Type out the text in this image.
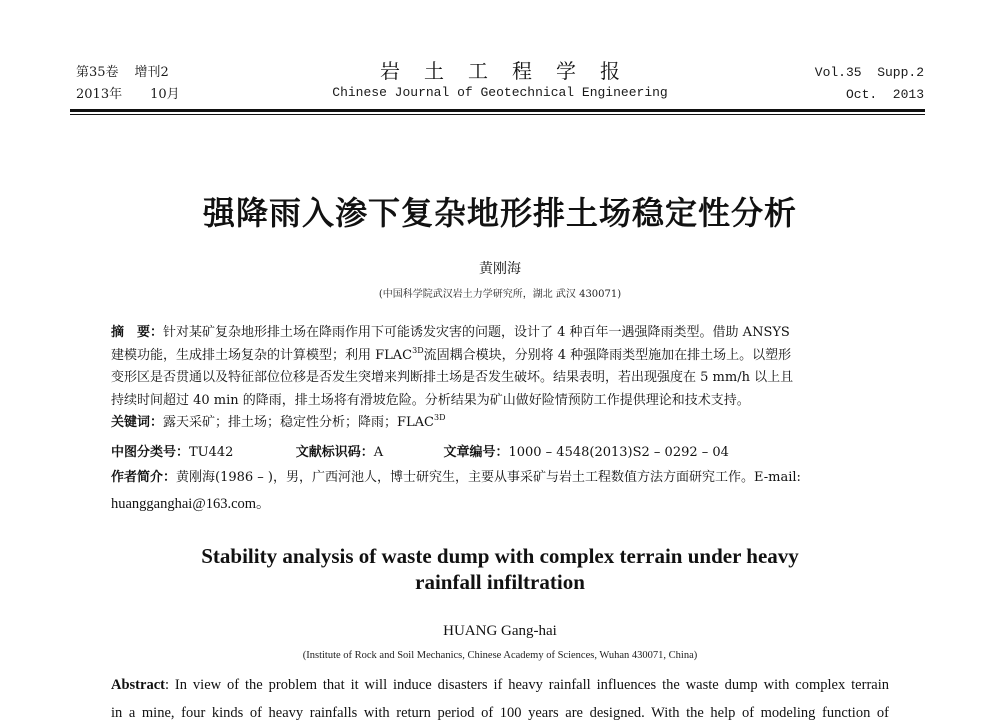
第35卷 增刊2
2013年 10月
岩土工程学报
Chinese Journal of Geotechnical Engineering
Vol.35  Supp.2
Oct.  2013
强降雨入渗下复杂地形排土场稳定性分析
黄刚海
(中国科学院武汉岩土力学研究所，湖北 武汉 430071)
摘　要：针对某矿复杂地形排土场在降雨作用下可能诱发灾害的问题，设计了 4 种百年一遇强降雨类型。借助 ANSYS
建模功能，生成排土场复杂的计算模型；利用 $FLAC^{3D}$流固耦合模块，分别将 4 种强降雨类型施加在排土场上。以塑形
变形区是否贯通以及特征部位位移是否发生突增来判断排土场是否发生破坏。结果表明，若出现强度在 5 mm/h 以上且
持续时间超过 40 min 的降雨，排土场将有滑坡危险。分析结果为矿山做好险情预防工作提供理论和技术支持。
关键词：露天采矿；排土场；稳定性分析；降雨；$FLAC^{3D}$
中图分类号：TU442	文献标识码：A	文章编号：1000 – 4548(2013)S2 – 0292 – 04
作者简介：黄刚海(1986 – )，男，广西河池人，博士研究生，主要从事采矿与岩土工程数值方法方面研究工作。E-mail:
huangganghai@163.com。
Stability analysis of waste dump with complex terrain under heavy
rainfall infiltration
HUANG Gang-hai
(Institute of Rock and Soil Mechanics, Chinese Academy of Sciences, Wuhan 430071, China)
Abstract: In view of the problem that it will induce disasters if heavy rainfall influences the waste dump with complex terrain
in a mine, four kinds of heavy rainfalls with return period of 100 years are designed. With the help of modeling function of
